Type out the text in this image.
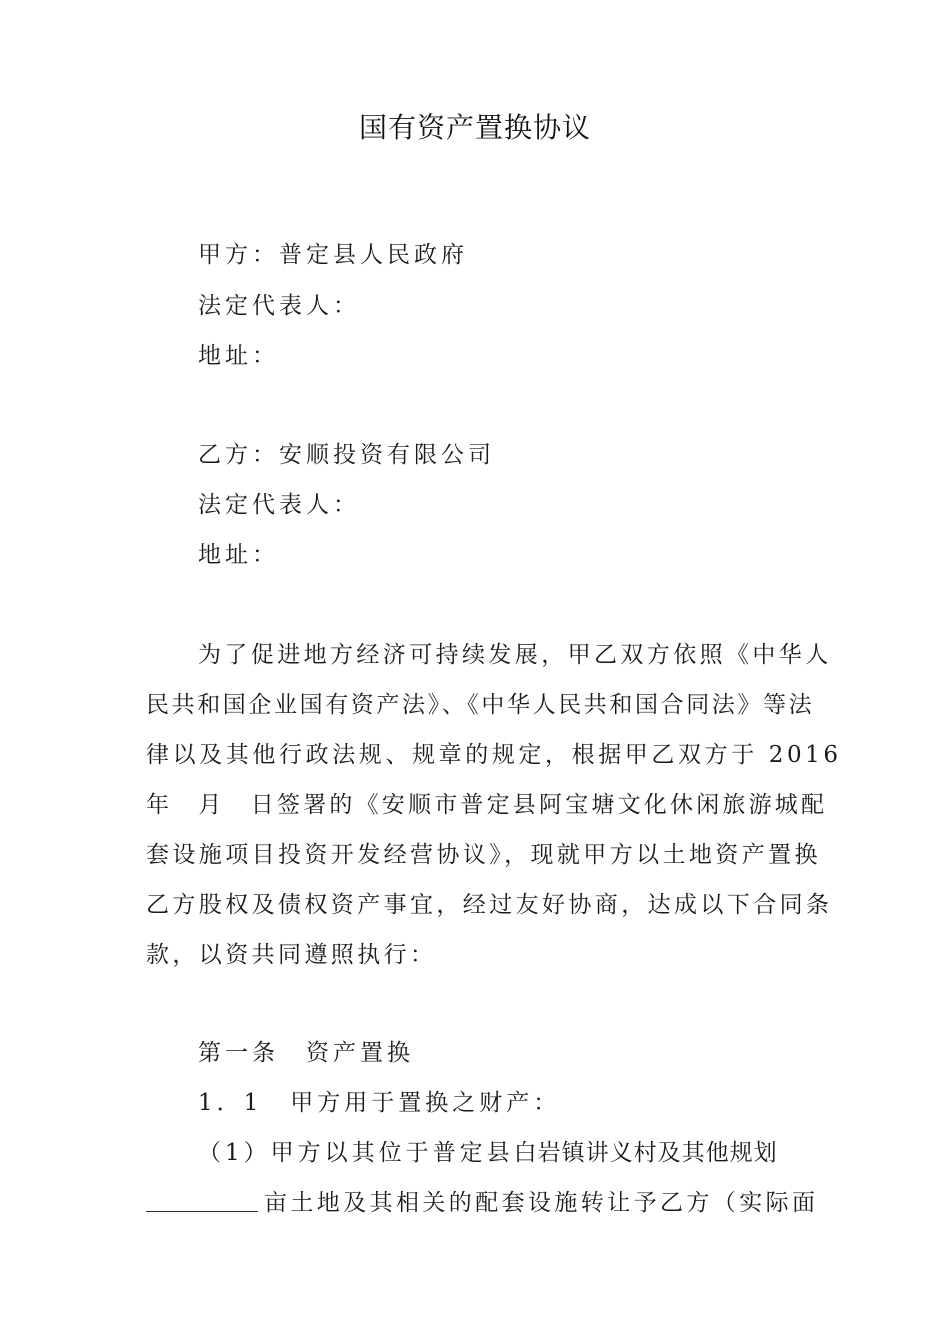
国有资产置换协议
甲方：普定县人民政府
法定代表人：
地址：
乙方：安顺投资有限公司
法定代表人：
地址：
为了促进地方经济可持续发展，甲乙双方依照《中华人
民共和国企业国有资产法》、《中华人民共和国合同法》等法
律以及其他行政法规、规章的规定，根据甲乙双方于 2016
年　月　日签署的《安顺市普定县阿宝塘文化休闲旅游城配
套设施项目投资开发经营协议》，现就甲方以土地资产置换
乙方股权及债权资产事宜，经过友好协商，达成以下合同条
款，以资共同遵照执行：
第一条　资产置换
1．1 甲方用于置换之财产：
（1）甲方以其位于普定县白岩镇讲义村及其他规划
亩土地及其相关的配套设施转让予乙方（实际面
